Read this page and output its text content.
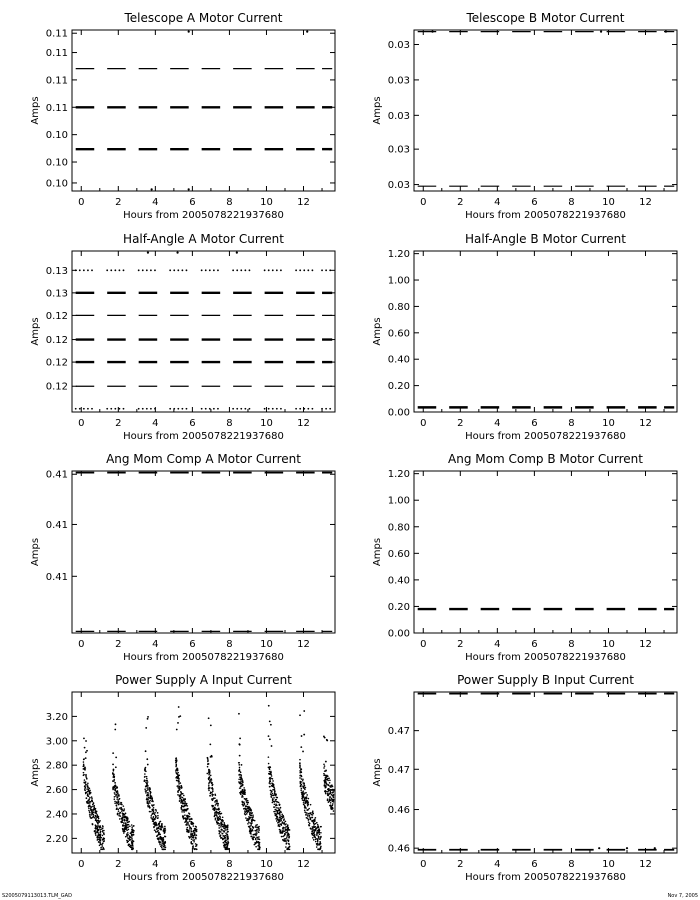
Telescope A Motor Current
Hours from 2005078221937680
Amps
0	2	4	6	8	10 12
0.10
0.10
0.10
0.11
0.11
0.11
0.11
Telescope B Motor Current
Hours from 2005078221937680
Amps
0	2	4	6	8	10 12
0.03
0.03
0.03
0.03
0.03
Half-Angle A Motor Current
Hours from 2005078221937680
Amps
0	2	4	6	8	10 12
0.12
0.12
0.12
0.12
0.13
0.13
Half-Angle B Motor Current
Hours from 2005078221937680
Amps
0	2	4	6	8	10 12
0.00
0.20
0.40
0.60
0.80
1.00
1.20
Ang Mom Comp A Motor Current
Hours from 2005078221937680
Amps
0	2	4	6	8	10 12
0.41
0.41
0.41
Ang Mom Comp B Motor Current
Hours from 2005078221937680
Amps
0	2	4	6	8	10 12
0.00
0.20
0.40
0.60
0.80
1.00
1.20
Power Supply A Input Current
Hours from 2005078221937680
Amps
0	2	4	6	8	10 12
2.20
2.40
2.60
2.80
3.00
3.20
Power Supply B Input Current
Hours from 2005078221937680
Amps
0	2	4	6	8	10 12
0.46
0.46
0.47
0.47
S2005079113013.TLM_GAD	Nov 7, 2005
